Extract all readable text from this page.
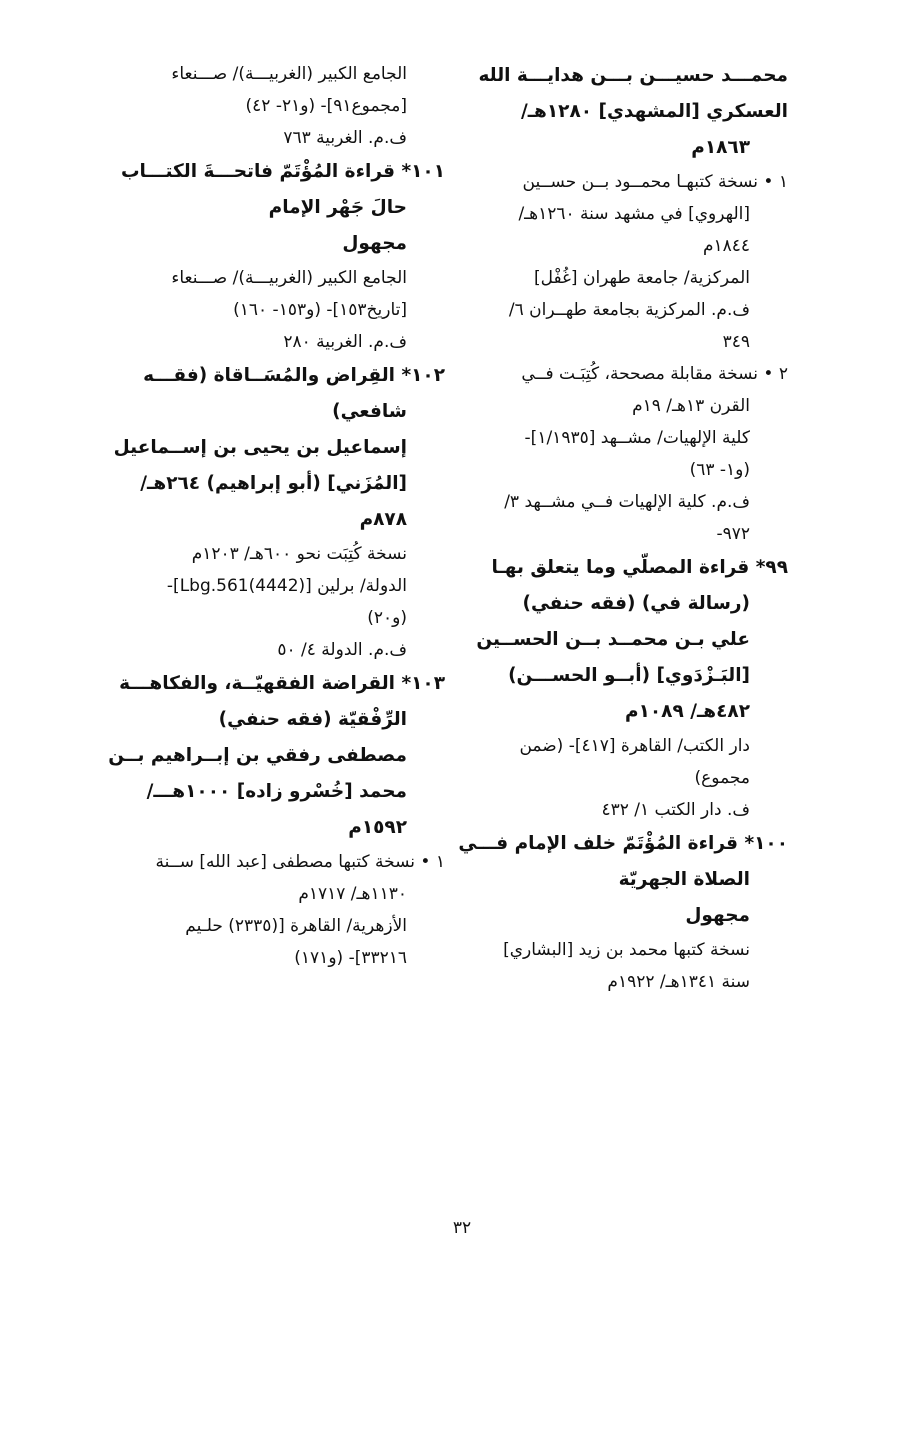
محمـــد حسيـــن بـــن هدايـــة الله
العسكري [المشهدي] ١٢٨٠هـ/
١٨٦٣م
١ • نسخة كتبهـا محمــود بــن حســين
[الهروي] في مشهد سنة ١٢٦٠هـ/
١٨٤٤م
المركزية/ جامعة طهران [غُفْل]
ف.م. المركزية بجامعة طهــران ٦/
٣٤٩
٢ • نسخة مقابلة مصححة، كُتِبَـت فــي
القرن ١٣هـ/ ١٩م
كلية الإلهيات/ مشــهد [١/١٩٣٥]-
(و١- ٦٣)
ف.م. كلية الإلهيات فــي مشــهد ٣/
٩٧٢-
٩٩* قراءة المصلّي وما يتعلق بهـا
(رسالة في) (فقه حنفي)
علي بـن محمــد بــن الحســين
[البَـزْدَوي] (أبــو الحســـن)
٤٨٢هـ/ ١٠٨٩م
دار الكتب/ القاهرة [٤١٧]- (ضمن
مجموع)
ف. دار الكتب ١/ ٤٣٢
١٠٠* قراءة المُؤْتَمّ خلف الإمام فـــي
الصلاة الجهريّة
مجهول
نسخة كتبها محمد بن زيد [البشاري]
سنة ١٣٤١هـ/ ١٩٢٢م
الجامع الكبير (الغربيـــة)/ صـــنعاء
[مجموع٩١]- (و٢١- ٤٢)
ف.م. الغربية ٧٦٣
١٠١* قراءة المُؤْتَمّ فاتحـــةَ الكتـــاب
حالَ جَهْر الإمام
مجهول
الجامع الكبير (الغربيـــة)/ صـــنعاء
[تاريخ١٥٣]- (و١٥٣- ١٦٠)
ف.م. الغربية ٢٨٠
١٠٢* القِراض والمُسَــاقاة (فقـــه
شافعي)
إسماعيل بن يحيى بن إســماعيل
[المُزَني] (أبو إبراهيم) ٢٦٤هـ/
٨٧٨م
نسخة كُتِبَت نحو ٦٠٠هـ/ ١٢٠٣م
الدولة/ برلين [Lbg.561(4442)]-
(و٢٠)
ف.م. الدولة ٤/ ٥٠
١٠٣* القراضة الفقهيّــة، والفكاهـــة
الرِّفْقيّة (فقه حنفي)
مصطفى رفقي بن إبــراهيم بــن
محمد [خُسْرو زاده] ١٠٠٠هـــ/
١٥٩٢م
١ • نسخة كتبها مصطفى [عبد الله] ســنة
١١٣٠هـ/ ١٧١٧م
الأزهرية/ القاهرة [(٢٣٣٥) حلـيم
٣٣٢١٦]- (و١٧١)
٣٢
